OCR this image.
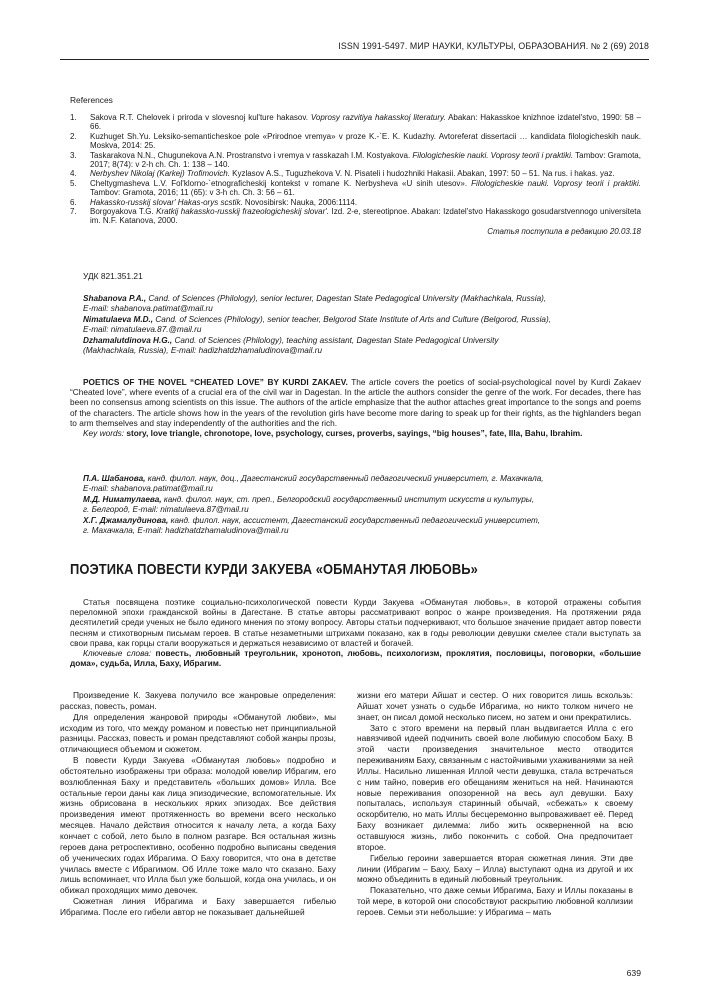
ISSN 1991-5497. МИР НАУКИ, КУЛЬТУРЫ, ОБРАЗОВАНИЯ. № 2 (69) 2018
References
1.	Sakova R.T. Chelovek i priroda v slovesnoj kul'ture hakasov. Voprosy razvitiya hakasskoj literatury. Abakan: Hakasskoe knizhnoe izdatel'stvo, 1990: 58 – 66.
2.	Kuzhuget Sh.Yu. Leksiko-semanticheskoe pole «Prirodnoe vremya» v proze K.-`E. K. Kudazhy. Avtoreferat dissertacii … kandidata filologicheskih nauk. Moskva, 2014: 25.
3.	Taskarakova N.N., Chugunekova A.N. Prostranstvo i vremya v rasskazah I.M. Kostyakova. Filologicheskie nauki. Voprosy teorii i praktiki. Tambov: Gramota, 2017; 8(74): v 2-h ch. Ch. 1: 138 – 140.
4.	Nerbyshev Nikolaj (Karkej) Trofimovich. Kyzlasov A.S., Tuguzhekova V. N. Pisateli i hudozhniki Hakasii. Abakan, 1997: 50 – 51. Na rus. i hakas. yaz.
5.	Cheltygmasheva L.V. Fol'klorno-`etnograficheskij kontekst v romane K. Nerbysheva «U sinih utesov». Filologicheskie nauki. Voprosy teorii i praktiki. Tambov: Gramota, 2016; 11 (65): v 3-h ch. Ch. 3: 56 – 61.
6.	Hakassko-russkij slovar' Hakas-orys scstik. Novosibirsk: Nauka, 2006:1114.
7.	Borgoyakova T.G. Kratkij hakassko-russkij frazeologicheskij slovar'. Izd. 2-e, stereotipnoe. Abakan: Izdatel'stvo Hakasskogo gosudarstvennogo universiteta im. N.F. Katanova, 2000.
Статья поступила в редакцию 20.03.18
УДК 821.351.21
Shabanova P.A., Cand. of Sciences (Philology), senior lecturer, Dagestan State Pedagogical University (Makhachkala, Russia),
E-mail: shabanova.patimat@mail.ru
Nimatulaeva M.D., Cand. of Sciences (Philology), senior teacher, Belgorod State Institute of Arts and Culture (Belgorod, Russia),
E-mail: nimatulaeva.87.@mail.ru
Dzhamalutdinova H.G., Cand. of Sciences (Philology), teaching assistant, Dagestan State Pedagogical University
(Makhachkala, Russia), E-mail: hadizhatdzhamaludinova@mail.ru
POETICS OF THE NOVEL “CHEATED LOVE” BY KURDI ZAKAEV. The article covers the poetics of social-psychological novel by Kurdi Zakaev “Cheated love”, where events of a crucial era of the civil war in Dagestan. In the article the authors consider the genre of the work. For decades, there has been no consensus among scientists on this issue. The authors of the article emphasize that the author attaches great importance to the songs and poems of the characters. The article shows how in the years of the revolution girls have become more daring to speak up for their rights, as the highlanders began to arm themselves and stay independently of the authorities and the rich.
Key words: story, love triangle, chronotope, love, psychology, curses, proverbs, sayings, “big houses”, fate, Illa, Bahu, Ibrahim.
П.А. Шабанова, канд. филол. наук, доц., Дагестанский государственный педагогический университет, г. Махачкала,
E-mail: shabanova.patimat@mail.ru
М.Д. Ниматулаева, канд. филол. наук, ст. преп., Белгородский государственный институт искусств и культуры,
г. Белгород, E-mail: nimatulaeva.87@mail.ru
Х.Г. Джамалудинова, канд. филол. наук, ассистент, Дагестанский государственный педагогический университет,
г. Махачкала, E-mail: hadizhatdzhamaludinova@mail.ru
ПОЭТИКА ПОВЕСТИ КУРДИ ЗАКУЕВА «ОБМАНУТАЯ ЛЮБОВЬ»

Статья посвящена поэтике социально-психологической повести Курди Закуева «Обманутая любовь», в которой отражены события переломной эпохи гражданской войны в Дагестане. В статье авторы рассматривают вопрос о жанре произведения. На протяжении ряда десятилетий среди ученых не было единого мнения по этому вопросу. Авторы статьи подчеркивают, что большое значение придает автор повести песням и стихотворным письмам героев. В статье незаметными штрихами показано, как в годы революции девушки смелее стали выступать за свои права, как горцы стали вооружаться и держаться независимо от властей и богачей.

Ключевые слова: повесть, любовный треугольник, хронотоп, любовь, психологизм, проклятия, пословицы, поговорки, «большие дома», судьба, Илла, Баху, Ибрагим.

Произведение К. Закуева получило все жанровые определения: рассказ, повесть, роман.

Для определения жанровой природы «Обманутой любви», мы исходим из того, что между романом и повестью нет принципиальной разницы. Рассказ, повесть и роман представляют собой жанры прозы, отличающиеся объемом и сюжетом.

В повести Курди Закуева «Обманутая любовь» подробно и обстоятельно изображены три образа: молодой ювелир Ибрагим, его возлюбленная Баху и представитель «больших домов» Илла. Все остальные герои даны как лица эпизодические, вспомогательные. Их жизнь обрисована в нескольких ярких эпизодах. Все действия произведения имеют протяженность во времени всего несколько месяцев. Начало действия относится к началу лета, а когда Баху кончает с собой, лето было в полном разгаре. Вся остальная жизнь героев дана ретроспективно, особенно подробно выписаны сведения об ученических годах Ибрагима. О Баху говорится, что она в детстве училась вместе с Ибрагимом. Об Илле тоже мало что сказано. Баху лишь вспоминает, что Илла был уже большой, когда она училась, и он обижал проходящих мимо девочек.

Сюжетная линия Ибрагима и Баху завершается гибелью Ибрагима. После его гибели автор не показывает дальнейшей

жизни его матери Айшат и сестер. О них говорится лишь вскользь: Айшат хочет узнать о судьбе Ибрагима, но никто толком ничего не знает, он писал домой несколько писем, но затем и они прекратились.

Зато с этого времени на первый план выдвигается Илла с его навязчивой идеей подчинить своей воле любимую способом Баху. В этой части произведения значительное место отводится переживаниям Баху, связанным с настойчивыми ухаживаниями за ней Иллы. Насильно лишенная Иллой чести девушка, стала встречаться с ним тайно, поверив его обещаниям жениться на ней. Начинаются новые переживания опозоренной на весь аул девушки. Баху попыталась, используя старинный обычай, «сбежать» к своему оскорбителю, но мать Иллы бесцеремонно выпроваживает её. Перед Баху возникает дилемма: либо жить оскверненной на всю оставшуюся жизнь, либо покончить с собой. Она предпочитает второе.

Гибелью героини завершается вторая сюжетная линия. Эти две линии (Ибрагим – Баху, Баху – Илла) выступают одна из другой и их можно объединить в единый любовный треугольник.

Показательно, что даже семьи Ибрагима, Баху и Иллы показаны в той мере, в которой они способствуют раскрытию любовной коллизии героев. Семьи эти небольшие: у Ибрагима – мать

639
